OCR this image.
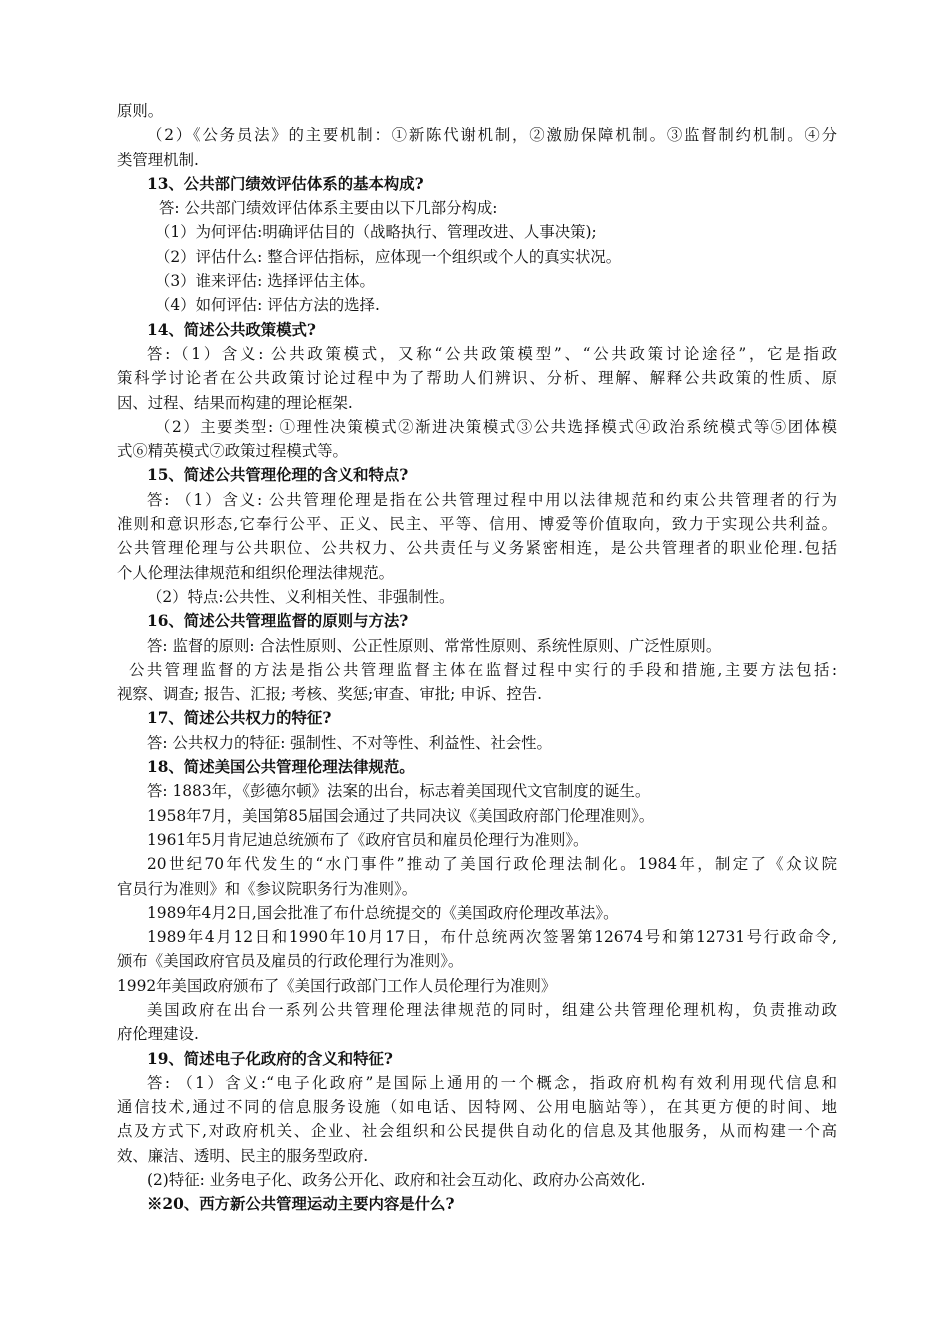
原则。
（2）《公务员法》的主要机制：①新陈代谢机制，②激励保障机制。③监督制约机制。④分
类管理机制.
13、公共部门绩效评估体系的基本构成?
答: 公共部门绩效评估体系主要由以下几部分构成:
（1）为何评估:明确评估目的（战略执行、管理改进、人事决策);
（2）评估什么: 整合评估指标，应体现一个组织或个人的真实状况。
（3）谁来评估: 选择评估主体。
（4）如何评估: 评估方法的选择.
14、简述公共政策模式?
答:（1）含义: 公共政策模式，又称“公共政策模型”、“公共政策讨论途径”，它是指政
策科学讨论者在公共政策讨论过程中为了帮助人们辨识、分析、理解、解释公共政策的性质、原
因、过程、结果而构建的理论框架.
（2）主要类型: ①理性决策模式②渐进决策模式③公共选择模式④政治系统模式等⑤团体模
式⑥精英模式⑦政策过程模式等。
15、简述公共管理伦理的含义和特点?
答: （1）含义: 公共管理伦理是指在公共管理过程中用以法律规范和约束公共管理者的行为
准则和意识形态,它奉行公平、正义、民主、平等、信用、博爱等价值取向，致力于实现公共利益。
公共管理伦理与公共职位、公共权力、公共责任与义务紧密相连，是公共管理者的职业伦理.包括
个人伦理法律规范和组织伦理法律规范。
（2）特点:公共性、义利相关性、非强制性。
16、简述公共管理监督的原则与方法?
答: 监督的原则: 合法性原则、公正性原则、常常性原则、系统性原则、广泛性原则。
公共管理监督的方法是指公共管理监督主体在监督过程中实行的手段和措施,主要方法包括:
视察、调查; 报告、汇报; 考核、奖惩;审查、审批; 申诉、控告.
17、简述公共权力的特征?
答: 公共权力的特征: 强制性、不对等性、利益性、社会性。
18、简述美国公共管理伦理法律规范。
答: 1883年，《彭德尔顿》法案的出台，标志着美国现代文官制度的诞生。
1958年7月，美国第85届国会通过了共同决议《美国政府部门伦理准则》。
1961年5月肯尼迪总统颁布了《政府官员和雇员伦理行为准则》。
20世纪70年代发生的“水门事件”推动了美国行政伦理法制化。1984年，制定了《众议院
官员行为准则》和《参议院职务行为准则》。
1989年4月2日,国会批准了布什总统提交的《美国政府伦理改革法》。
1989年4月12日和1990年10月17日，布什总统两次签署第12674号和第12731号行政命令,
颁布《美国政府官员及雇员的行政伦理行为准则》。
1992年美国政府颁布了《美国行政部门工作人员伦理行为准则》
美国政府在出台一系列公共管理伦理法律规范的同时，组建公共管理伦理机构，负责推动政
府伦理建设.
19、简述电子化政府的含义和特征?
答: （1）含义:“电子化政府”是国际上通用的一个概念，指政府机构有效利用现代信息和
通信技术,通过不同的信息服务设施（如电话、因特网、公用电脑站等），在其更方便的时间、地
点及方式下,对政府机关、企业、社会组织和公民提供自动化的信息及其他服务，从而构建一个高
效、廉洁、透明、民主的服务型政府.
(2)特征: 业务电子化、政务公开化、政府和社会互动化、政府办公高效化.
※20、西方新公共管理运动主要内容是什么?
